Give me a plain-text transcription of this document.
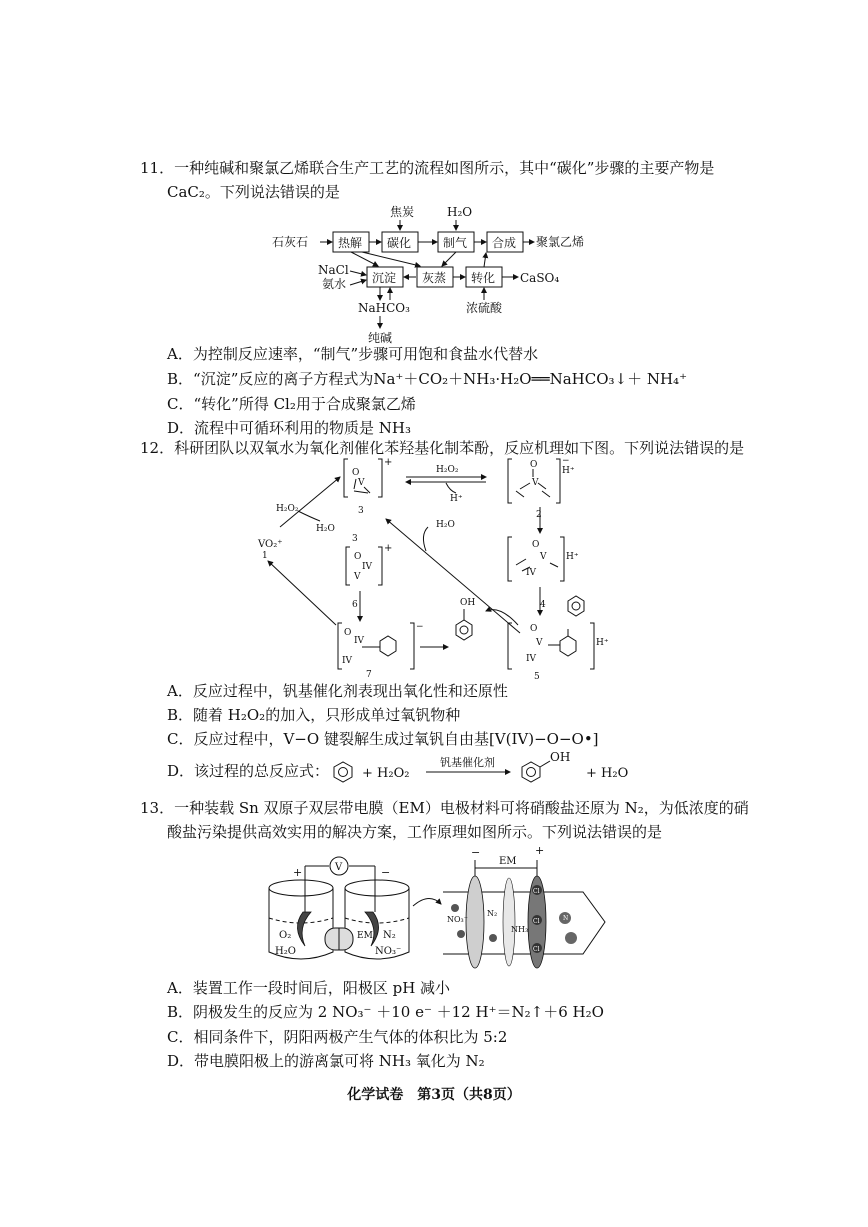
11．一种纯碱和聚氯乙烯联合生产工艺的流程如图所示，其中“碳化”步骤的主要产物是
CaC₂。下列说法错误的是
焦炭	H₂O
石灰石 热解 碳化	制气 合成 聚氯乙烯
NaCl
氨水 沉淀 灰蒸 转化 CaSO₄
浓硫酸
NaHCO₃
纯碱
A．为控制反应速率，“制气”步骤可用饱和食盐水代替水
B．“沉淀”反应的离子方程式为Na⁺＋CO₂＋NH₃·H₂O══NaHCO₃↓＋ NH₄⁺
C．“转化”所得 Cl₂用于合成聚氯乙烯
D．流程中可循环利用的物质是 NH₃
12．科研团队以双氧水为氧化剂催化苯羟基化制苯酚，反应机理如下图。下列说法错误的是
O
V
+
3
H₂O₂
H⁺
O
V
H⁺
−
2
VO₂⁺
1
H₂O₂
H₂O
O
IV
V
+
3
6
H₂O
O
V
IV
H⁺
4
O
V
IV
H⁺
5
OH
O
IV
IV
−
7
A．反应过程中，钒基催化剂表现出氧化性和还原性
B．随着 H₂O₂的加入，只形成单过氧钒物种
C．反应过程中，V−O 键裂解生成过氧钒自由基[V(IV)−O−O•]
D．该过程的总反应式：	+ H₂O₂
钒基催化剂	OH
+ H₂O
13．一种装载 Sn 双原子双层带电膜（EM）电极材料可将硝酸盐还原为 N₂，为低浓度的硝
酸盐污染提供高效实用的解决方案，工作原理如图所示。下列说法错误的是
V
+	−
O₂
H₂O
EM N₂
NO₃⁻
−
EM
+
Cl
Cl
Cl
NO₃⁻
N₂
NH₃
N
A．装置工作一段时间后，阳极区 pH 减小
B．阴极发生的反应为 2 NO₃⁻ ＋10 e⁻ ＋12 H⁺＝N₂↑＋6 H₂O
C．相同条件下，阴阳两极产生气体的体积比为 5:2
D．带电膜阳极上的游离氯可将 NH₃ 氧化为 N₂
化学试卷　第3页（共8页）
